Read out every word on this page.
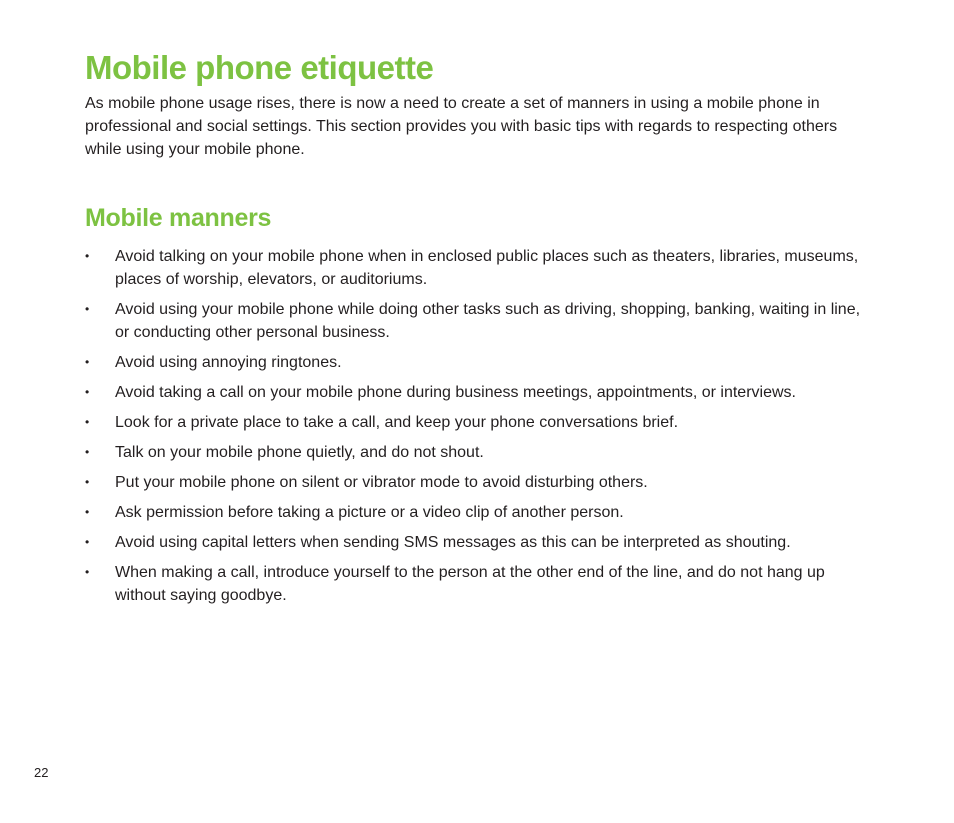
Mobile phone etiquette

As mobile phone usage rises, there is now a need to create a set of manners in using a mobile phone in professional and social settings. This section provides you with basic tips with regards to respecting others while using your mobile phone.

Mobile manners
•	Avoid talking on your mobile phone when in enclosed public places such as theaters, libraries, museums, places of worship, elevators, or auditoriums.
•	Avoid using your mobile phone while doing other tasks such as driving, shopping, banking, waiting in line, or conducting other personal business.
•	Avoid using annoying ringtones.
•	Avoid taking a call on your mobile phone during business meetings, appointments, or interviews.
•	Look for a private place to take a call, and keep your phone conversations brief.
•	Talk on your mobile phone quietly, and do not shout.
•	Put your mobile phone on silent or vibrator mode to avoid disturbing others.
•	Ask permission before taking a picture or a video clip of another person.
•	Avoid using capital letters when sending SMS messages as this can be interpreted as shouting.
•	When making a call, introduce yourself to the person at the other end of the line, and do not hang up without saying goodbye.
22
